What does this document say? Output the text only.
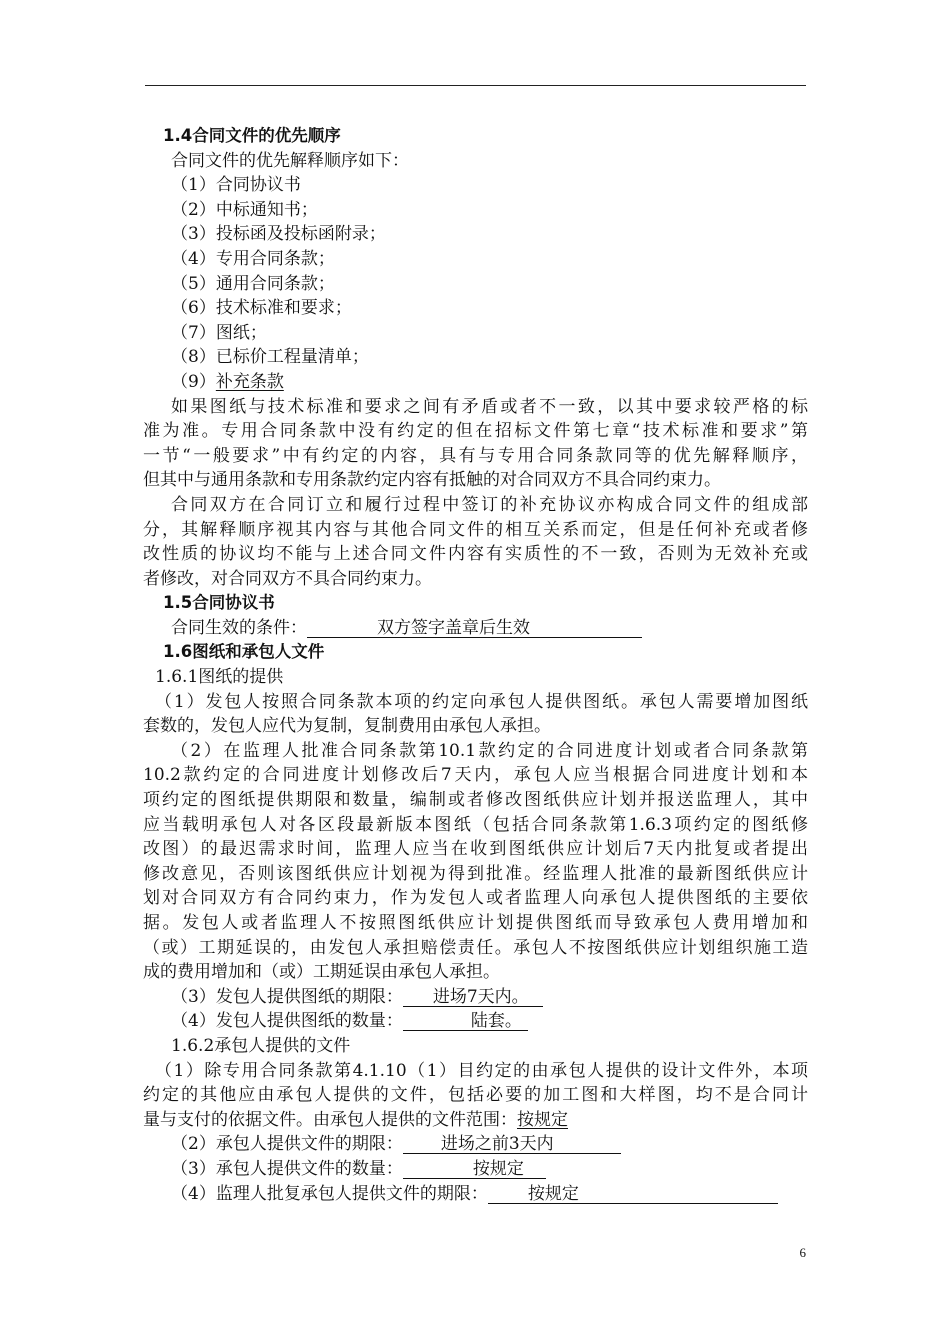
1.4合同文件的优先顺序
合同文件的优先解释顺序如下：
（1）合同协议书
（2）中标通知书；
（3）投标函及投标函附录；
（4）专用合同条款；
（5）通用合同条款；
（6）技术标准和要求；
（7）图纸；
（8）已标价工程量清单；
（9）补充条款
如果图纸与技术标准和要求之间有矛盾或者不一致，以其中要求较严格的标
准为准。专用合同条款中没有约定的但在招标文件第七章“技术标准和要求”第
一节“一般要求”中有约定的内容，具有与专用合同条款同等的优先解释顺序，
但其中与通用条款和专用条款约定内容有抵触的对合同双方不具合同约束力。
合同双方在合同订立和履行过程中签订的补充协议亦构成合同文件的组成部
分，其解释顺序视其内容与其他合同文件的相互关系而定，但是任何补充或者修
改性质的协议均不能与上述合同文件内容有实质性的不一致，否则为无效补充或
者修改，对合同双方不具合同约束力。
1.5合同协议书
合同生效的条件：	双方签字盖章后生效
1.6图纸和承包人文件
1.6.1图纸的提供
（1）发包人按照合同条款本项的约定向承包人提供图纸。承包人需要增加图纸
套数的，发包人应代为复制，复制费用由承包人承担。
（2）在监理人批准合同条款第10.1款约定的合同进度计划或者合同条款第
10.2款约定的合同进度计划修改后7天内，承包人应当根据合同进度计划和本
项约定的图纸提供期限和数量，编制或者修改图纸供应计划并报送监理人，其中
应当载明承包人对各区段最新版本图纸（包括合同条款第1.6.3项约定的图纸修
改图）的最迟需求时间，监理人应当在收到图纸供应计划后7天内批复或者提出
修改意见，否则该图纸供应计划视为得到批准。经监理人批准的最新图纸供应计
划对合同双方有合同约束力，作为发包人或者监理人向承包人提供图纸的主要依
据。发包人或者监理人不按照图纸供应计划提供图纸而导致承包人费用增加和
（或）工期延误的，由发包人承担赔偿责任。承包人不按图纸供应计划组织施工造
成的费用增加和（或）工期延误由承包人承担。
（3）发包人提供图纸的期限： 进场7天内。
（4）发包人提供图纸的数量：	陆套。
1.6.2承包人提供的文件
（1）除专用合同条款第4.1.10（1）目约定的由承包人提供的设计文件外，本项
约定的其他应由承包人提供的文件，包括必要的加工图和大样图，均不是合同计
量与支付的依据文件。由承包人提供的文件范围：按规定
（2）承包人提供文件的期限： 进场之前3天内
（3）承包人提供文件的数量：	按规定
（4）监理人批复承包人提供文件的期限： 按规定
6
